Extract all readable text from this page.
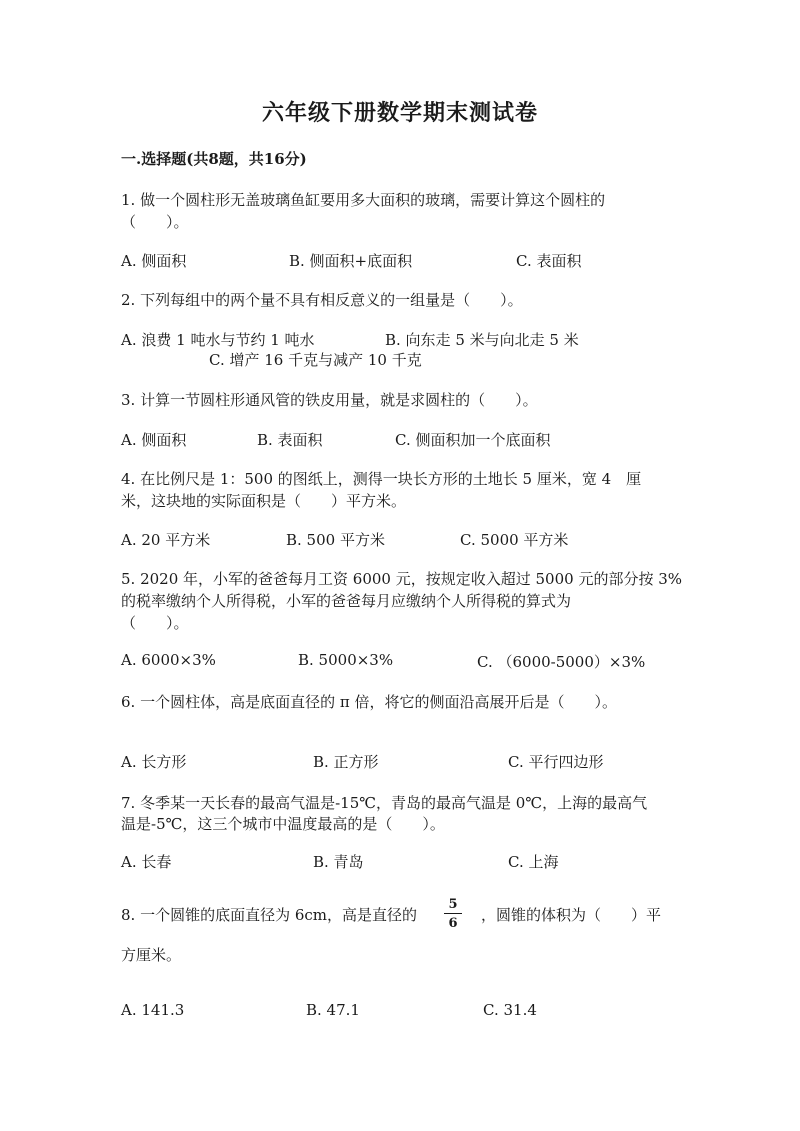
六年级下册数学期末测试卷
一.选择题(共8题，共16分)
1. 做一个圆柱形无盖玻璃鱼缸要用多大面积的玻璃，需要计算这个圆柱的
（　　）。
A. 侧面积	B. 侧面积+底面积	C. 表面积
2. 下列每组中的两个量不具有相反意义的一组量是（　　）。
A. 浪费 1 吨水与节约 1 吨水	B. 向东走 5 米与向北走 5 米
C. 增产 16 千克与减产 10 千克
3. 计算一节圆柱形通风管的铁皮用量，就是求圆柱的（　　）。
A. 侧面积	B. 表面积	C. 侧面积加一个底面积
4. 在比例尺是 1：500 的图纸上，测得一块长方形的土地长 5 厘米，宽 4　厘
米，这块地的实际面积是（　　）平方米。
A. 20 平方米	B. 500 平方米	C. 5000 平方米
5. 2020 年，小军的爸爸每月工资 6000 元，按规定收入超过 5000 元的部分按 3%
的税率缴纳个人所得税，小军的爸爸每月应缴纳个人所得税的算式为
（　　）。
A. 6000×3%	B. 5000×3%	C. （6000-5000）×3%
6. 一个圆柱体，高是底面直径的 π 倍，将它的侧面沿高展开后是（　　）。
A. 长方形	B. 正方形	C. 平行四边形
7. 冬季某一天长春的最高气温是-15℃，青岛的最高气温是 0℃，上海的最高气
温是-5℃，这三个城市中温度最高的是（　　）。
A. 长春	B. 青岛	C. 上海
8. 一个圆锥的底面直径为 6cm，高是直径的
5
6 ，圆锥的体积为（　　）平
方厘米。
A. 141.3	B. 47.1	C. 31.4
